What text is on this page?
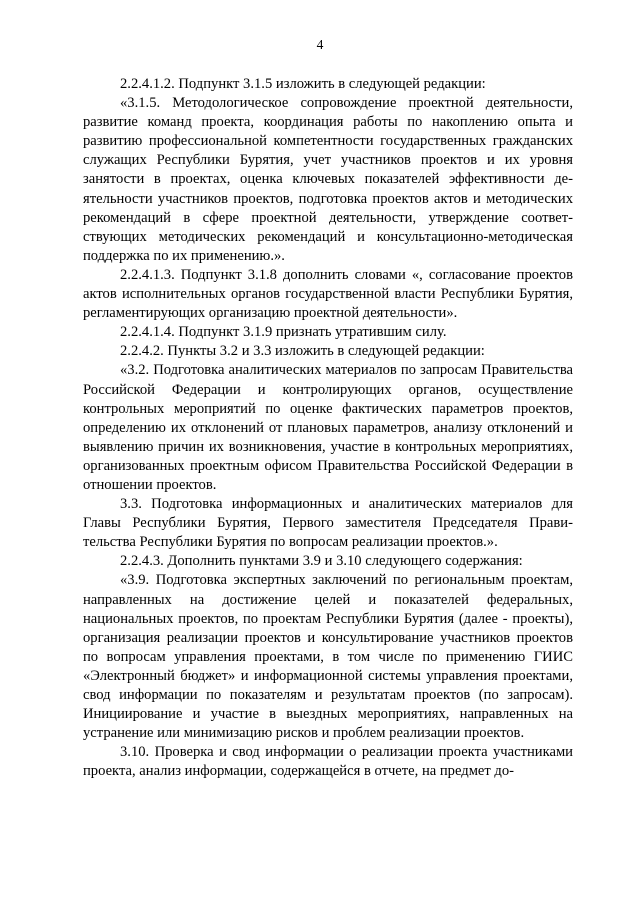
4

2.2.4.1.2. Подпункт 3.1.5 изложить в следующей редакции:

«3.1.5. Методологическое сопровождение проектной деятельности, развитие команд проекта, координация работы по накоплению опыта и развитию профессиональной компетентности государственных гражданских служащих Республики Бурятия, учет участников проектов и их уровня занятости в проектах, оценка ключевых показателей эффективности деятельности участников проектов, подготовка проектов актов и методических рекомендаций в сфере проектной деятельности, утверждение соответствующих методических рекомендаций и консультационно-методическая поддержка по их применению.».

2.2.4.1.3. Подпункт 3.1.8 дополнить словами «, согласование проектов актов исполнительных органов государственной власти Республики Бурятия, регламентирующих организацию проектной деятельности».

2.2.4.1.4. Подпункт 3.1.9 признать утратившим силу.

2.2.4.2. Пункты 3.2 и 3.3 изложить в следующей редакции:

«3.2. Подготовка аналитических материалов по запросам Правительства Российской Федерации и контролирующих органов, осуществление контрольных мероприятий по оценке фактических параметров проектов, определению их отклонений от плановых параметров, анализу отклонений и выявлению причин их возникновения, участие в контрольных мероприятиях, организованных проектным офисом Правительства Российской Федерации в отношении проектов.

3.3. Подготовка информационных и аналитических материалов для Главы Республики Бурятия, Первого заместителя Председателя Правительства Республики Бурятия по вопросам реализации проектов.».

2.2.4.3. Дополнить пунктами 3.9 и 3.10 следующего содержания:

«3.9. Подготовка экспертных заключений по региональным проектам, направленных на достижение целей и показателей федеральных, национальных проектов, по проектам Республики Бурятия (далее - проекты), организация реализации проектов и консультирование участников проектов по вопросам управления проектами, в том числе по применению ГИИС «Электронный бюджет» и информационной системы управления проектами, свод информации по показателям и результатам проектов (по запросам). Инициирование и участие в выездных мероприятиях, направленных на устранение или минимизацию рисков и проблем реализации проектов.

3.10. Проверка и свод информации о реализации проекта участниками проекта, анализ информации, содержащейся в отчете, на предмет до-
